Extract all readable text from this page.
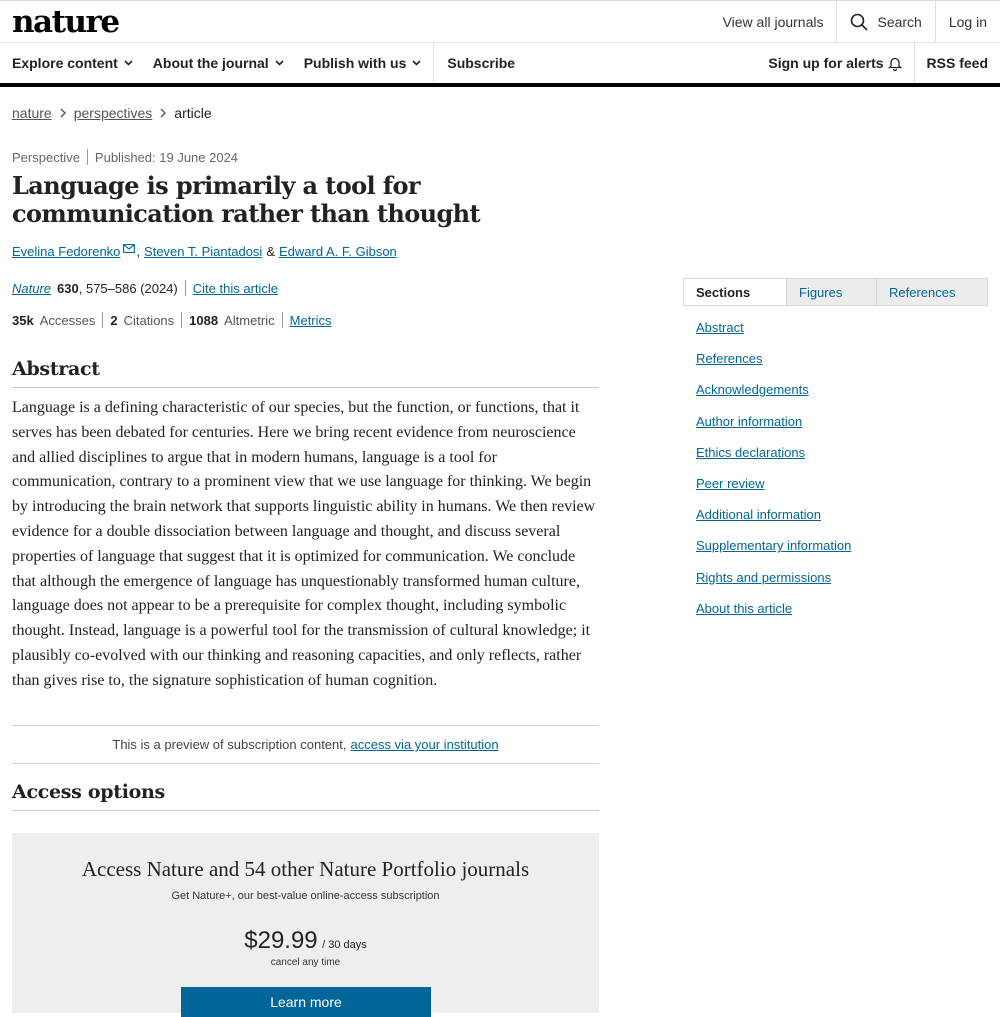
nature	View all journals	Search	Log in
Explore content	About the journal	Publish with us	Subscribe	Sign up for alerts	RSS feed
nature perspectives article
Perspective Published: 19 June 2024
Language is primarily a tool for communication rather than thought
Evelina Fedorenko , Steven T. Piantadosi & Edward A. F. Gibson
Nature 630 , 575–586 (2024) Cite this article
35k Accesses 2 Citations 1088 Altmetric Metrics
Abstract

Language is a defining characteristic of our species, but the function, or functions, that it serves has been debated for centuries. Here we bring recent evidence from neuroscience and allied disciplines to argue that in modern humans, language is a tool for communication, contrary to a prominent view that we use language for thinking. We begin by introducing the brain network that supports linguistic ability in humans. We then review evidence for a double dissociation between language and thought, and discuss several properties of language that suggest that it is optimized for communication. We conclude that although the emergence of language has unquestionably transformed human culture, language does not appear to be a prerequisite for complex thought, including symbolic thought. Instead, language is a powerful tool for the transmission of cultural knowledge; it plausibly co-evolved with our thinking and reasoning capacities, and only reflects, rather than gives rise to, the signature sophistication of human cognition.

This is a preview of subscription content, access via your institution
Access options
Access Nature and 54 other Nature Portfolio journals
Get Nature+, our best-value online-access subscription
$29.99 / 30 days
cancel any time
Learn more
Sections	Figures	References
Abstract
References
Acknowledgements
Author information
Ethics declarations
Peer review
Additional information
Supplementary information
Rights and permissions
About this article
